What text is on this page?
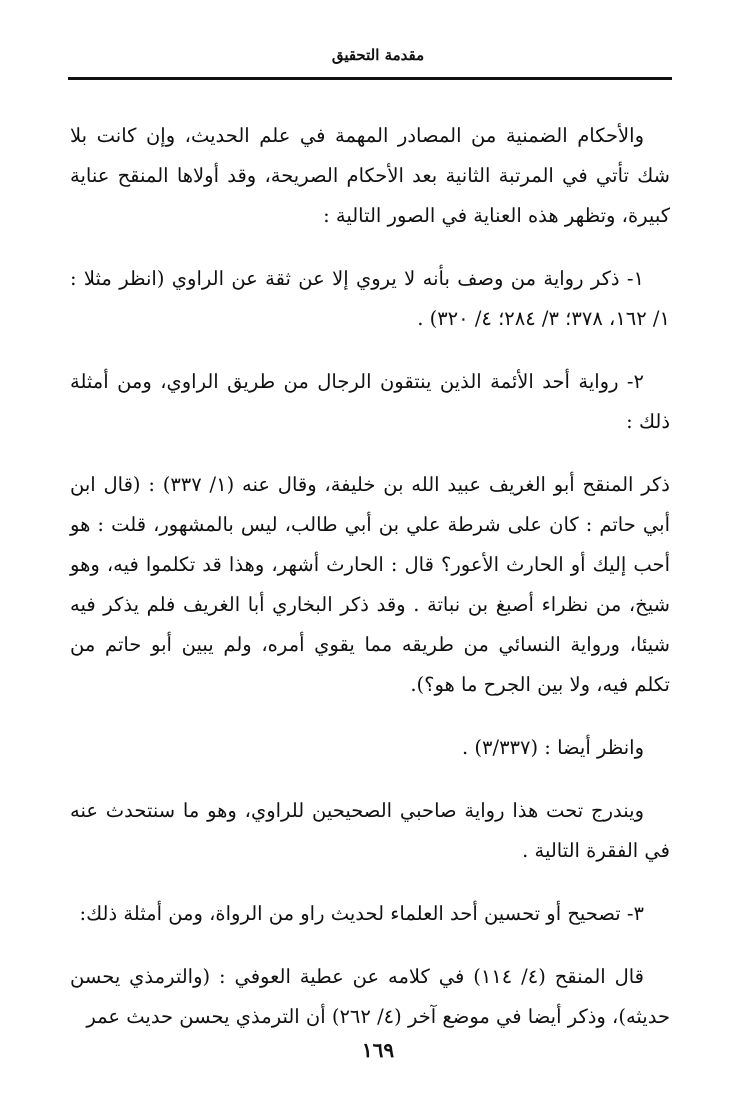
مقدمة التحقيق

والأحكام الضمنية من المصادر المهمة في علم الحديث، وإن كانت بلا شك تأتي في المرتبة الثانية بعد الأحكام الصريحة، وقد أولاها المنقح عناية كبيرة، وتظهر هذه العناية في الصور التالية :

١- ذكر رواية من وصف بأنه لا يروي إلا عن ثقة عن الراوي (انظر مثلا : ١/ ١٦٢، ٣٧٨؛ ٣/ ٢٨٤؛ ٤/ ٣٢٠) .

٢- رواية أحد الأئمة الذين ينتقون الرجال من طريق الراوي، ومن أمثلة ذلك :

ذكر المنقح أبو الغريف عبيد الله بن خليفة، وقال عنه (١/ ٣٣٧) : (قال ابن أبي حاتم : كان على شرطة علي بن أبي طالب، ليس بالمشهور، قلت : هو أحب إليك أو الحارث الأعور؟ قال : الحارث أشهر، وهذا قد تكلموا فيه، وهو شيخ، من نظراء أصبغ بن نباتة . وقد ذكر البخاري أبا الغريف فلم يذكر فيه شيئا، ورواية النسائي من طريقه مما يقوي أمره، ولم يبين أبو حاتم من تكلم فيه، ولا بين الجرح ما هو؟).

وانظر أيضا : (٣/٣٣٧) .

ويندرج تحت هذا رواية صاحبي الصحيحين للراوي، وهو ما سنتحدث عنه في الفقرة التالية .

٣- تصحيح أو تحسين أحد العلماء لحديث راو من الرواة، ومن أمثلة ذلك:

قال المنقح (٤/ ١١٤) في كلامه عن عطية العوفي : (والترمذي يحسن حديثه)، وذكر أيضا في موضع آخر (٤/ ٢٦٢) أن الترمذي يحسن حديث عمر

١٦٩
